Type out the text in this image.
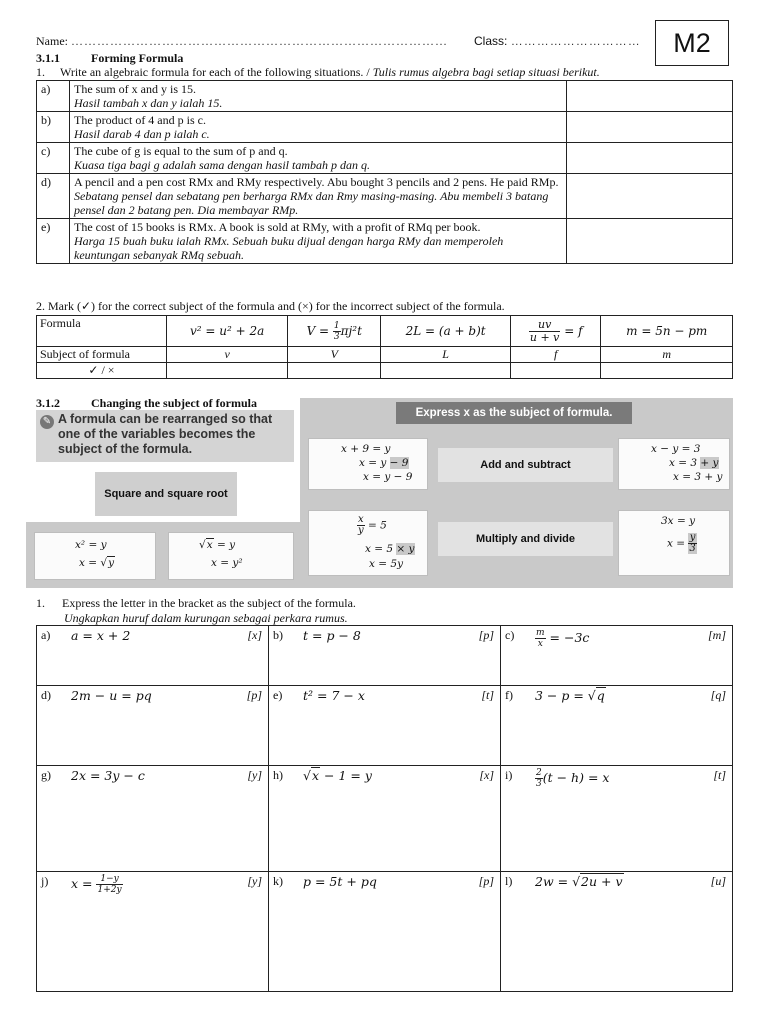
Name: …………………………………………………………………………… Class: …………………………	M2
3.1.1	Forming Formula
1. Write an algebraic formula for each of the following situations. / Tulis rumus algebra bagi setiap situasi berikut.
a)	The sum of x and y is 15.
Hasil tambah x dan y ialah 15.	

b)	The product of 4 and p is c.
Hasil darab 4 dan p ialah c.	

c)	The cube of g is equal to the sum of p and q.
Kuasa tiga bagi g adalah sama dengan hasil tambah p dan q.	

d)	A pencil and a pen cost RMx and RMy respectively. Abu bought 3 pencils and 2 pens. He paid RMp.
Sebatang pensel dan sebatang pen berharga RMx dan Rmy masing-masing. Abu membeli 3 batang pensel dan 2 batang pen. Dia membayar RMp.	

e)	The cost of 15 books is RMx. A book is sold at RMy, with a profit of RMq per book.
Harga 15 buah buku ialah RMx. Sebuah buku dijual dengan harga RMy dan memperoleh keuntungan sebanyak RMq sebuah.	

2. Mark (✓) for the correct subject of the formula and (×) for the incorrect subject of the formula.
Formula	v² = u² + 2a	$V = \frac{1}{3} \pi j^2t$	2L = (a + b)t	$\frac{uv}{u + v} = f$	m = 5n − pm
Subject of formula	v	V	L	f	m
✓ / ×					
3.1.2	Changing the subject of formula
✎ A formula can be rearranged so that one of the variables becomes the subject of the formula.
Square and square root
x² = y
x = √y
√x = y
x = y²
Express x as the subject of formula.
x + 9 = y
x = y − 9
x = y − 9
Add and subtract
x − y = 3
x = 3 + y
x = 3 + y
$\frac{x}{y} = 5$
x = 5 × y
x = 5y
Multiply and divide
3x = y
$x = \frac{y}{3}$
1. Express the letter in the bracket as the subject of the formula.
Ungkapkan huruf dalam kurungan sebagai perkara rumus.
a) a = x + 2 [x]	b) t = p − 8 [p]	$c) \frac{m}{x} = -3c$ [m]

d) 2m − u = pq [p]	e) t² = 7 − x [t]	f) 3 − p = √q [q]

g) 2x = 3y − c [y]	h) √x − 1 = y [x]	$i) \frac{2}{3} (t - h) = x$ [t]

j) $x = \frac{1-y}{1+2y} [y]$	k) p = 5t + pq [p]	l) 2w = √2u + v [u]
